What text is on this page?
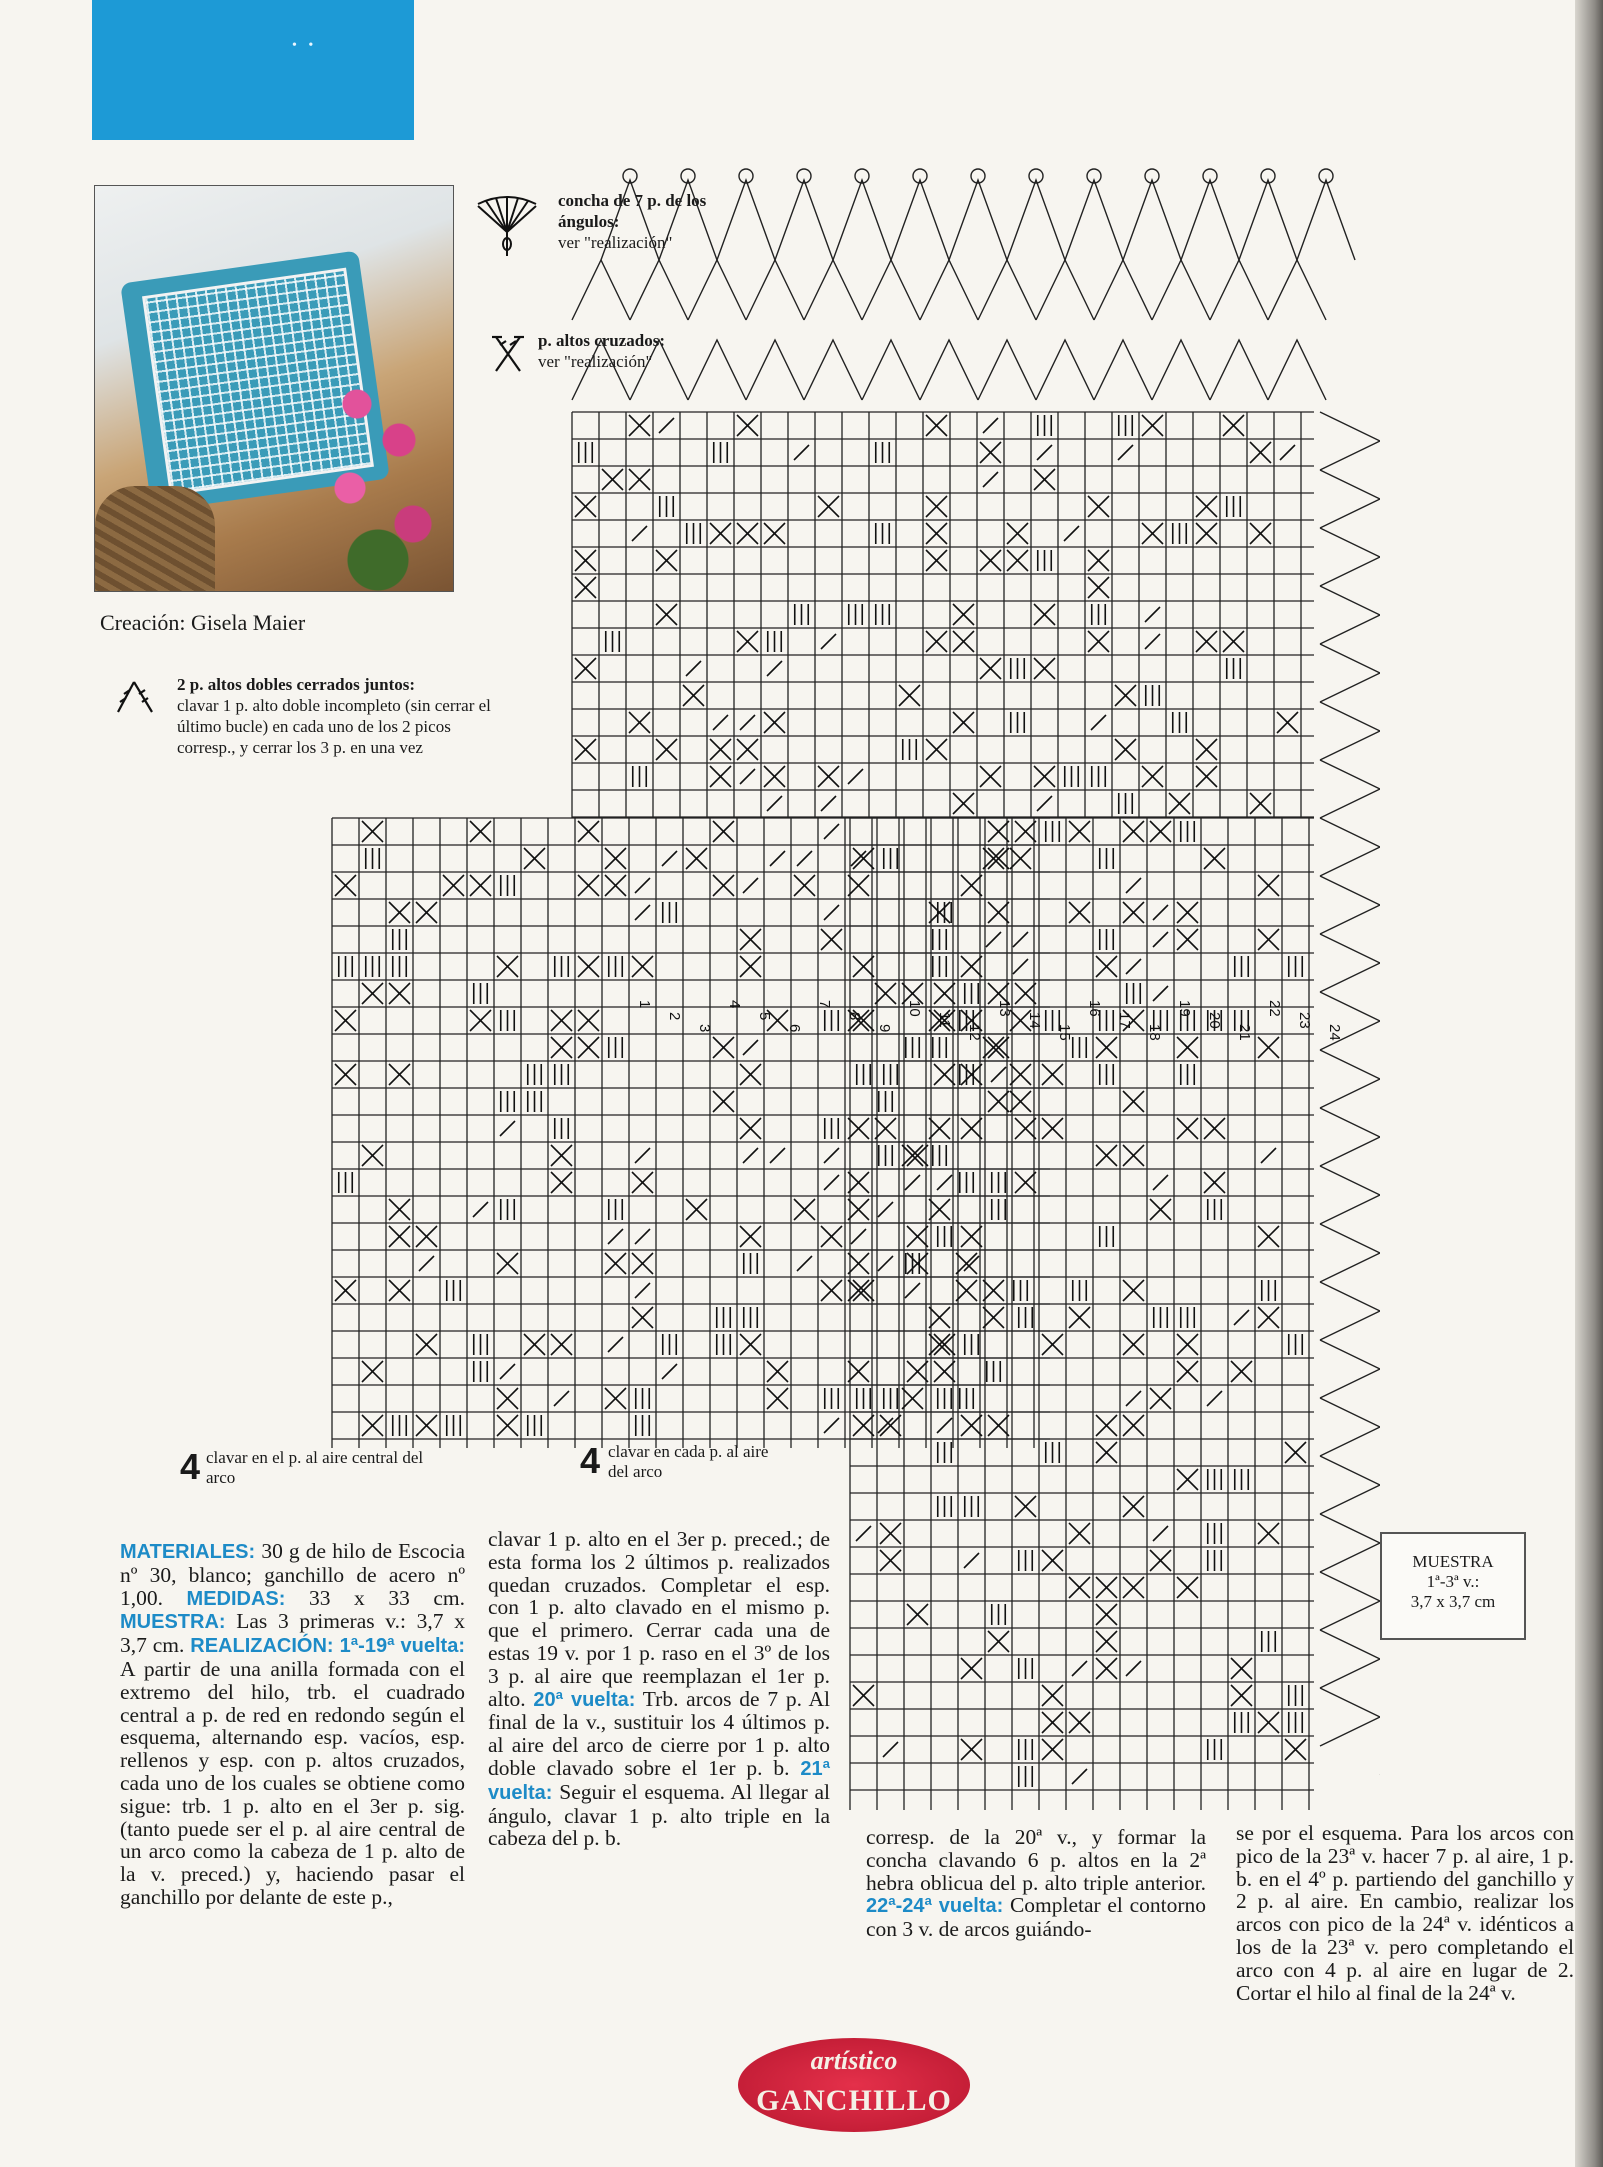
• •
Creación: Gisela Maier
concha de 7 p. de los ángulos:
ver "realización"
p. altos cruzados:
ver "realización"
2 p. altos dobles cerrados juntos:
clavar 1 p. alto doble incompleto (sin cerrar el último bucle) en cada uno de los 2 picos corresp., y cerrar los 3 p. en una vez
1
2
3
4
5
6
7
8
9
10
11
12
13
14
15
16
17
18
19
20
21
22
23
24
4 clavar en el p. al aire central del arco	4 clavar en cada p. al aire del arco
MUESTRA
1ª-3ª v.:
3,7 x 3,7 cm

MATERIALES: 30 g de hilo de Escocia nº 30, blanco; ganchillo de acero nº 1,00. MEDIDAS: 33 x 33 cm. MUESTRA: Las 3 primeras v.: 3,7 x 3,7 cm. REALIZACIÓN: 1ª-19ª vuelta: A partir de una anilla formada con el extremo del hilo, trb. el cuadrado central a p. de red en redondo según el esquema, alternando esp. vacíos, esp. rellenos y esp. con p. altos cruzados, cada uno de los cuales se obtiene como sigue: trb. 1 p. alto en el 3er p. sig. (tanto puede ser el p. al aire central de un arco como la cabeza de 1 p. alto de la v. preced.) y, haciendo pasar el ganchillo por delante de este p.,

clavar 1 p. alto en el 3er p. preced.; de esta forma los 2 últimos p. realizados quedan cruzados. Completar el esp. con 1 p. alto clavado en el mismo p. que el primero. Cerrar cada una de estas 19 v. por 1 p. raso en el 3º de los 3 p. al aire que reemplazan el 1er p. alto. 20ª vuelta: Trb. arcos de 7 p. Al final de la v., sustituir los 4 últimos p. al aire del arco de cierre por 1 p. alto doble clavado sobre el 1er p. b. 21ª vuelta: Seguir el esquema. Al llegar al ángulo, clavar 1 p. alto triple en la cabeza del p. b.	corresp. de la 20ª v., y formar la concha clavando 6 p. altos en la 2ª hebra oblicua del p. alto triple anterior. 22ª-24ª vuelta: Completar el contorno con 3 v. de arcos guiándo-

se por el esquema. Para los arcos con pico de la 23ª v. hacer 7 p. al aire, 1 p. b. en el 4º p. partiendo del ganchillo y 2 p. al aire. En cambio, realizar los arcos con pico de la 24ª v. idénticos a los de la 23ª v. pero completando el arco con 4 p. al aire en lugar de 2. Cortar el hilo al final de la 24ª v.

artístico
GANCHILLO
